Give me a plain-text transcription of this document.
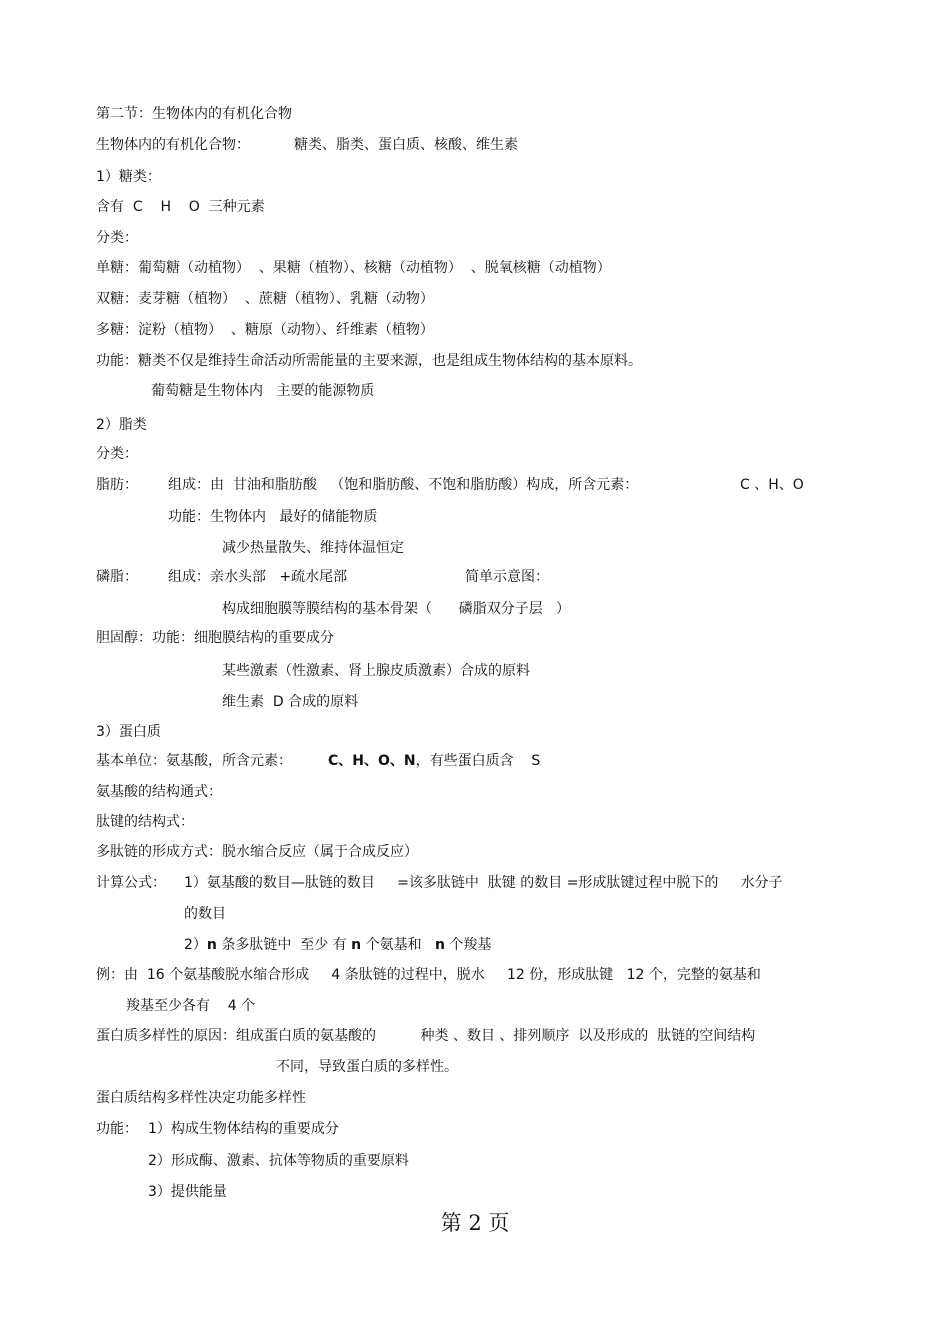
第二节：生物体内的有机化合物
生物体内的有机化合物：	糖类、脂类、蛋白质、核酸、维生素
1）糖类：
含有  C    H    O  三种元素
分类：
单糖：葡萄糖（动植物）  、果糖（植物）、核糖（动植物）  、脱氧核糖（动植物）
双糖：麦芽糖（植物）  、蔗糖（植物）、乳糖（动物）
多糖：淀粉（植物）  、糖原（动物）、纤维素（植物）
功能：糖类不仅是维持生命活动所需能量的主要来源，也是组成生物体结构的基本原料。
葡萄糖是生物体内   主要的能源物质
2）脂类
分类：
脂肪： 组成：由  甘油和脂肪酸   （饱和脂肪酸、不饱和脂肪酸）构成，所含元素：	C 、H、O
功能：生物体内   最好的储能物质
减少热量散失、维持体温恒定
磷脂： 组成：亲水头部   +疏水尾部	简单示意图：
构成细胞膜等膜结构的基本骨架（      磷脂双分子层   ）
胆固醇：功能：细胞膜结构的重要成分
某些激素（性激素、肾上腺皮质激素）合成的原料
维生素  D 合成的原料
3）蛋白质
基本单位：氨基酸，所含元素：	C、H、O、N，有些蛋白质含    S
氨基酸的结构通式：
肽键的结构式：
多肽链的形成方式：脱水缩合反应（属于合成反应）
计算公式： 1）氨基酸的数目—肽链的数目     =该多肽链中  肽键 的数目 =形成肽键过程中脱下的     水分子
的数目
2）n 条多肽链中  至少 有 n 个氨基和   n 个羧基
例：由  16 个氨基酸脱水缩合形成     4 条肽链的过程中，脱水     12 份，形成肽键   12 个，完整的氨基和
羧基至少各有    4 个
蛋白质多样性的原因：组成蛋白质的氨基酸的          种类 、数目 、排列顺序  以及形成的  肽链的空间结构
不同，导致蛋白质的多样性。
蛋白质结构多样性决定功能多样性
功能： 1）构成生物体结构的重要成分
2）形成酶、激素、抗体等物质的重要原料
3）提供能量
第 2 页
